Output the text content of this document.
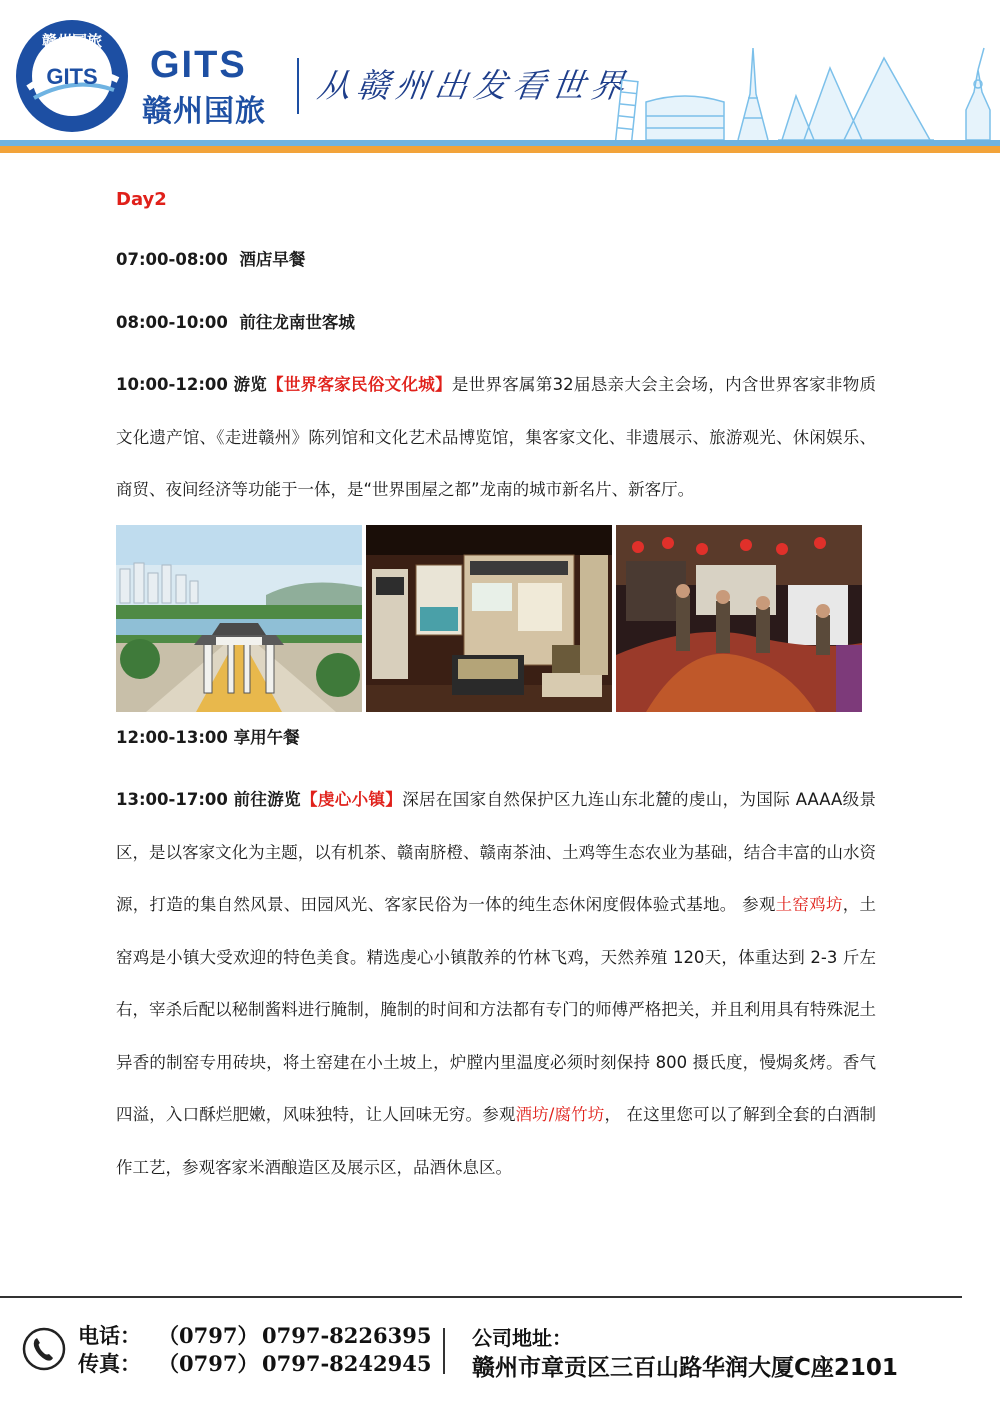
赣州国旅
GITS GITS
赣州国旅
从赣州出发看世界
Day2

07:00-08:00 酒店早餐

08:00-10:00 前往龙南世客城

10:00-12:00 游览【世界客家民俗文化城】是世界客属第32届恳亲大会主会场，内含世界客家非物质文化遗产馆、《走进赣州》陈列馆和文化艺术品博览馆，集客家文化、非遗展示、旅游观光、休闲娱乐、商贸、夜间经济等功能于一体，是“世界围屋之都”龙南的城市新名片、新客厅。

12:00-13:00 享用午餐

13:00-17:00 前往游览【虔心小镇】深居在国家自然保护区九连山东北麓的虔山，为国际 AAAA级景区，是以客家文化为主题，以有机茶、赣南脐橙、赣南茶油、土鸡等生态农业为基础，结合丰富的山水资源，打造的集自然风景、田园风光、客家民俗为一体的纯生态休闲度假体验式基地。 参观土窑鸡坊，土窑鸡是小镇大受欢迎的特色美食。精选虔心小镇散养的竹林飞鸡，天然养殖 120天，体重达到 2-3 斤左右，宰杀后配以秘制酱料进行腌制，腌制的时间和方法都有专门的师傅严格把关，并且利用具有特殊泥土异香的制窑专用砖块，将土窑建在小土坡上，炉膛内里温度必须时刻保持 800 摄氏度，慢焗炙烤。香气四溢，入口酥烂肥嫩，风味独特，让人回味无穷。参观酒坊/腐竹坊， 在这里您可以了解到全套的白酒制作工艺，参观客家米酒酿造区及展示区，品酒休息区。

电话： （0797） 0797-8226395
传真： （0797） 0797-8242945
公司地址：
赣州市章贡区三百山路华润大厦C座2101
